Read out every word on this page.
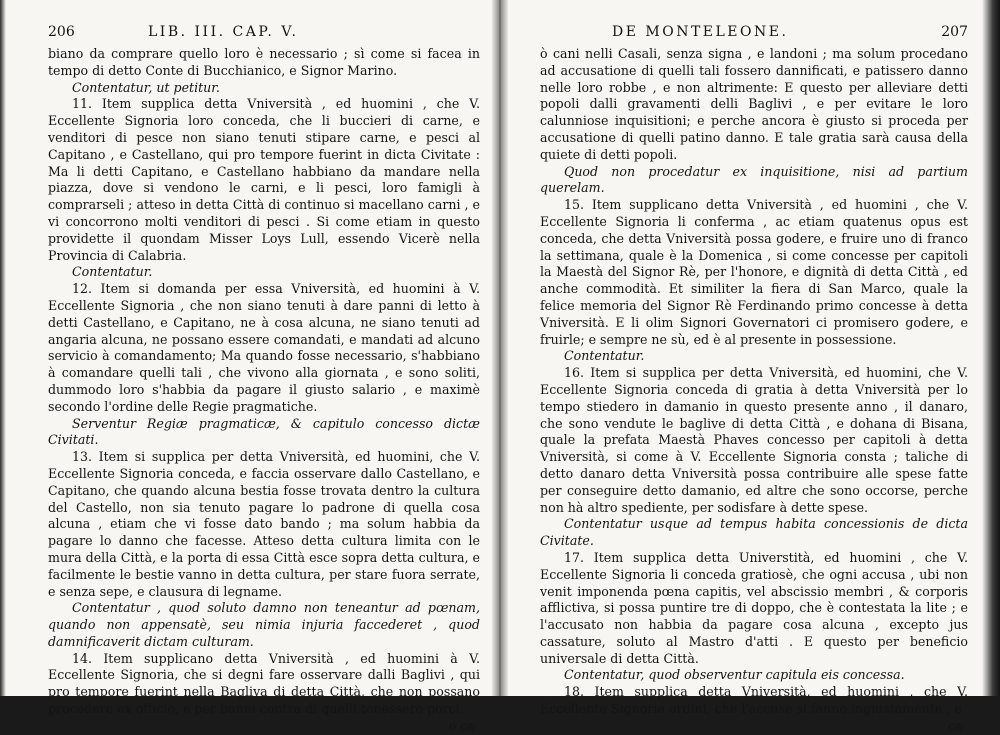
206	LIB. III. CAP. V.

biano da comprare quello loro è necessario ; sì come si facea in tempo di detto Conte di Bucchianico, e Signor Marino.

Contentatur, ut petitur.

11. Item supplica detta Vniversità , ed huomini , che V. Eccellente Signoria loro conceda, che li buccieri di carne, e venditori di pesce non siano tenuti stipare carne, e pesci al Capitano , e Castellano, qui pro tempore fuerint in dicta Civitate : Ma li detti Capitano, e Castellano habbiano da mandare nella piazza, dove si vendono le carni, e li pesci, loro famigli à comprarseli ; atteso in detta Città di continuo si macellano carni , e vi concorrono molti venditori di pesci . Si come etiam in questo providette il quondam Misser Loys Lull, essendo Vicerè nella Provincia di Calabria.

Contentatur.

12. Item si domanda per essa Vniversità, ed huomini à V. Eccellente Signoria , che non siano tenuti à dare panni di letto à detti Castellano, e Capitano, ne à cosa alcuna, ne siano tenuti ad angaria alcuna, ne possano essere comandati, e mandati ad alcuno servicio à comandamento; Ma quando fosse necessario, s'habbiano à comandare quelli tali , che vivono alla giornata , e sono soliti, dummodo loro s'habbia da pagare il giusto salario , e maximè secondo l'ordine delle Regie pragmatiche.

Serventur Regiæ pragmaticæ, & capitulo concesso dictæ Civitati.

13. Item si supplica per detta Vniversità, ed huomini, che V. Eccellente Signoria conceda, e faccia osservare dallo Castellano, e Capitano, che quando alcuna bestia fosse trovata dentro la cultura del Castello, non sia tenuto pagare lo padrone di quella cosa alcuna , etiam che vi fosse dato bando ; ma solum habbia da pagare lo danno che facesse. Atteso detta cultura limita con le mura della Città, e la porta di essa Città esce sopra detta cultura, e facilmente le bestie vanno in detta cultura, per stare fuora serrate, e senza sepe, e clausura di legname.

Contentatur , quod soluto damno non teneantur ad pœnam, quando non appensatè, seu nimia injuria faccederet , quod damnificaverit dictam culturam.

14. Item supplicano detta Vniversità , ed huomini à V. Eccellente Signoria, che si degni fare osservare dalli Baglivi , qui pro tempore fuerint nella Bagliva di detta Città, che non possano procedere ex officio, e per banni contra di quelli tenessero porci,

o ca-

DE MONTELEONE.	207

ò cani nelli Casali, senza signa , e landoni ; ma solum procedano ad accusatione di quelli tali fossero dannificati, e patissero danno nelle loro robbe , e non altrimente: E questo per alleviare detti popoli dalli gravamenti delli Baglivi , e per evitare le loro calunniose inquisitioni; e perche ancora è giusto si proceda per accusatione di quelli patino danno. E tale gratia sarà causa della quiete di detti popoli.

Quod non procedatur ex inquisitione, nisi ad partium querelam.

15. Item supplicano detta Vniversità , ed huomini , che V. Eccellente Signoria li conferma , ac etiam quatenus opus est conceda, che detta Vniversità possa godere, e fruire uno di franco la settimana, quale è la Domenica , si come concesse per capitoli la Maestà del Signor Rè, per l'honore, e dignità di detta Città , ed anche commodità. Et similiter la fiera di San Marco, quale la felice memoria del Signor Rè Ferdinando primo concesse à detta Vniversità. E li olim Signori Governatori ci promisero godere, e fruirle; e sempre ne sù, ed è al presente in possessione.

Contentatur.

16. Item si supplica per detta Vniversità, ed huomini, che V. Eccellente Signoria conceda di gratia à detta Vniversità per lo tempo stiedero in damanio in questo presente anno , il danaro, che sono vendute le baglive di detta Città , e dohana di Bisana, quale la prefata Maestà Phaves concesso per capitoli à detta Vniversità, si come à V. Eccellente Signoria consta ; taliche di detto danaro detta Vniversità possa contribuire alle spese fatte per conseguire detto damanio, ed altre che sono occorse, perche non hà altro spediente, per sodisfare à dette spese.

Contentatur usque ad tempus habita concessionis de dicta Civitate.

17. Item supplica detta Universtità, ed huomini , che V. Eccellente Signoria li conceda gratiosè, che ogni accusa , ubi non venit imponenda pœna capitis, vel abscissio membri , & corporis afflictiva, si possa puntire tre di doppo, che è contestata la lite ; e l'accusato non habbia da pagare cosa alcuna , excepto jus cassature, soluto al Mastro d'atti . E questo per beneficio universale di detta Città.

Contentatur, quod observentur capitula eis concessa.

18. Item supplica detta Vniversità, ed huomini , che V. Eccellente Signoria ordini, che l'accuse si fanno ingiustamente , e

ca-
